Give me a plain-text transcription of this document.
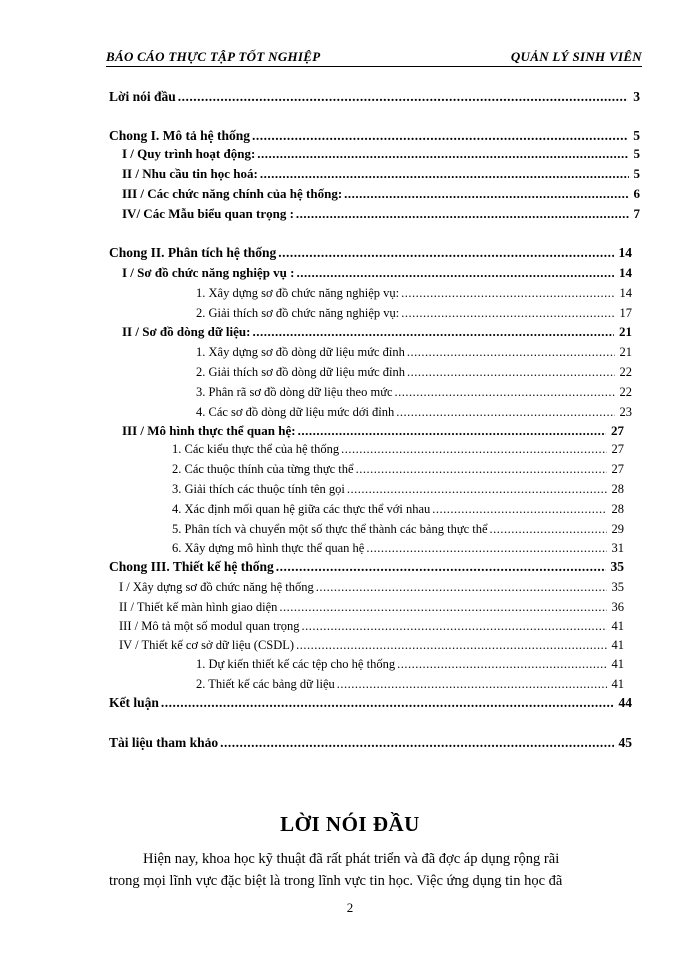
BÁO CÁO THỰC TẬP TỐT NGHIỆP	QUẢN LÝ SINH VIÊN
Lời nói đầu .....	3
Chong I. Mô tả hệ thống .....	5
I / Quy trình hoạt động: .....	5
II / Nhu cầu tin học hoá: .....	5
III / Các chức năng chính của hệ thống: .....	6
IV/ Các Mẫu biểu quan trọng : .....	7
Chong II. Phân tích hệ thống .....	14
I / Sơ đồ chức năng nghiệp vụ : .....	14
1. Xây dựng sơ đồ chức năng nghiệp vụ: .....	14
2. Giải thích sơ đồ chức năng nghiệp vụ: .....	17
II / Sơ đồ dòng dữ liệu: .....	21
1. Xây dựng sơ đồ dòng dữ liệu mức đỉnh .....	21
2. Giải thích sơ đồ dòng dữ liệu mức đỉnh .....	22
3. Phân rã sơ đồ dòng dữ liệu theo mức .....	22
4. Các sơ đồ dòng dữ liệu mức dới đỉnh .....	23
III / Mô hình thực thể quan hệ: .....	27
1. Các kiểu thực thể của hệ thống .....	27
2. Các thuộc thính của từng thực thể .....	27
3. Giải thích các thuộc tính tên gọi .....	28
4. Xác định mối quan hệ giữa các thực thể với nhau .....	28
5. Phân tích và chuyển một số thực thể thành các bảng thực thể .....	29
6. Xây dựng mô hình thực thể quan hệ .....	31
Chong III. Thiết kế hệ thống .....	35
I / Xây dựng sơ đồ chức năng hệ thống .....	35
II / Thiết kế màn hình giao diện .....	36
III / Mô tả một số modul quan trọng .....	41
IV / Thiết kế cơ sở dữ liệu (CSDL) .....	41
1. Dự kiến thiết kế các tệp cho hệ thống .....	41
2. Thiết kế các bảng dữ liệu .....	41
Kết luận .....	44
Tài liệu tham khảo .....	45
LỜI NÓI ĐẦU
Hiện nay, khoa học kỹ thuật đã rất phát triển và đã đợc áp dụng rộng rãi
trong mọi lĩnh vực đặc biệt là trong lĩnh vực tin học. Việc ứng dụng tin học đã
2
